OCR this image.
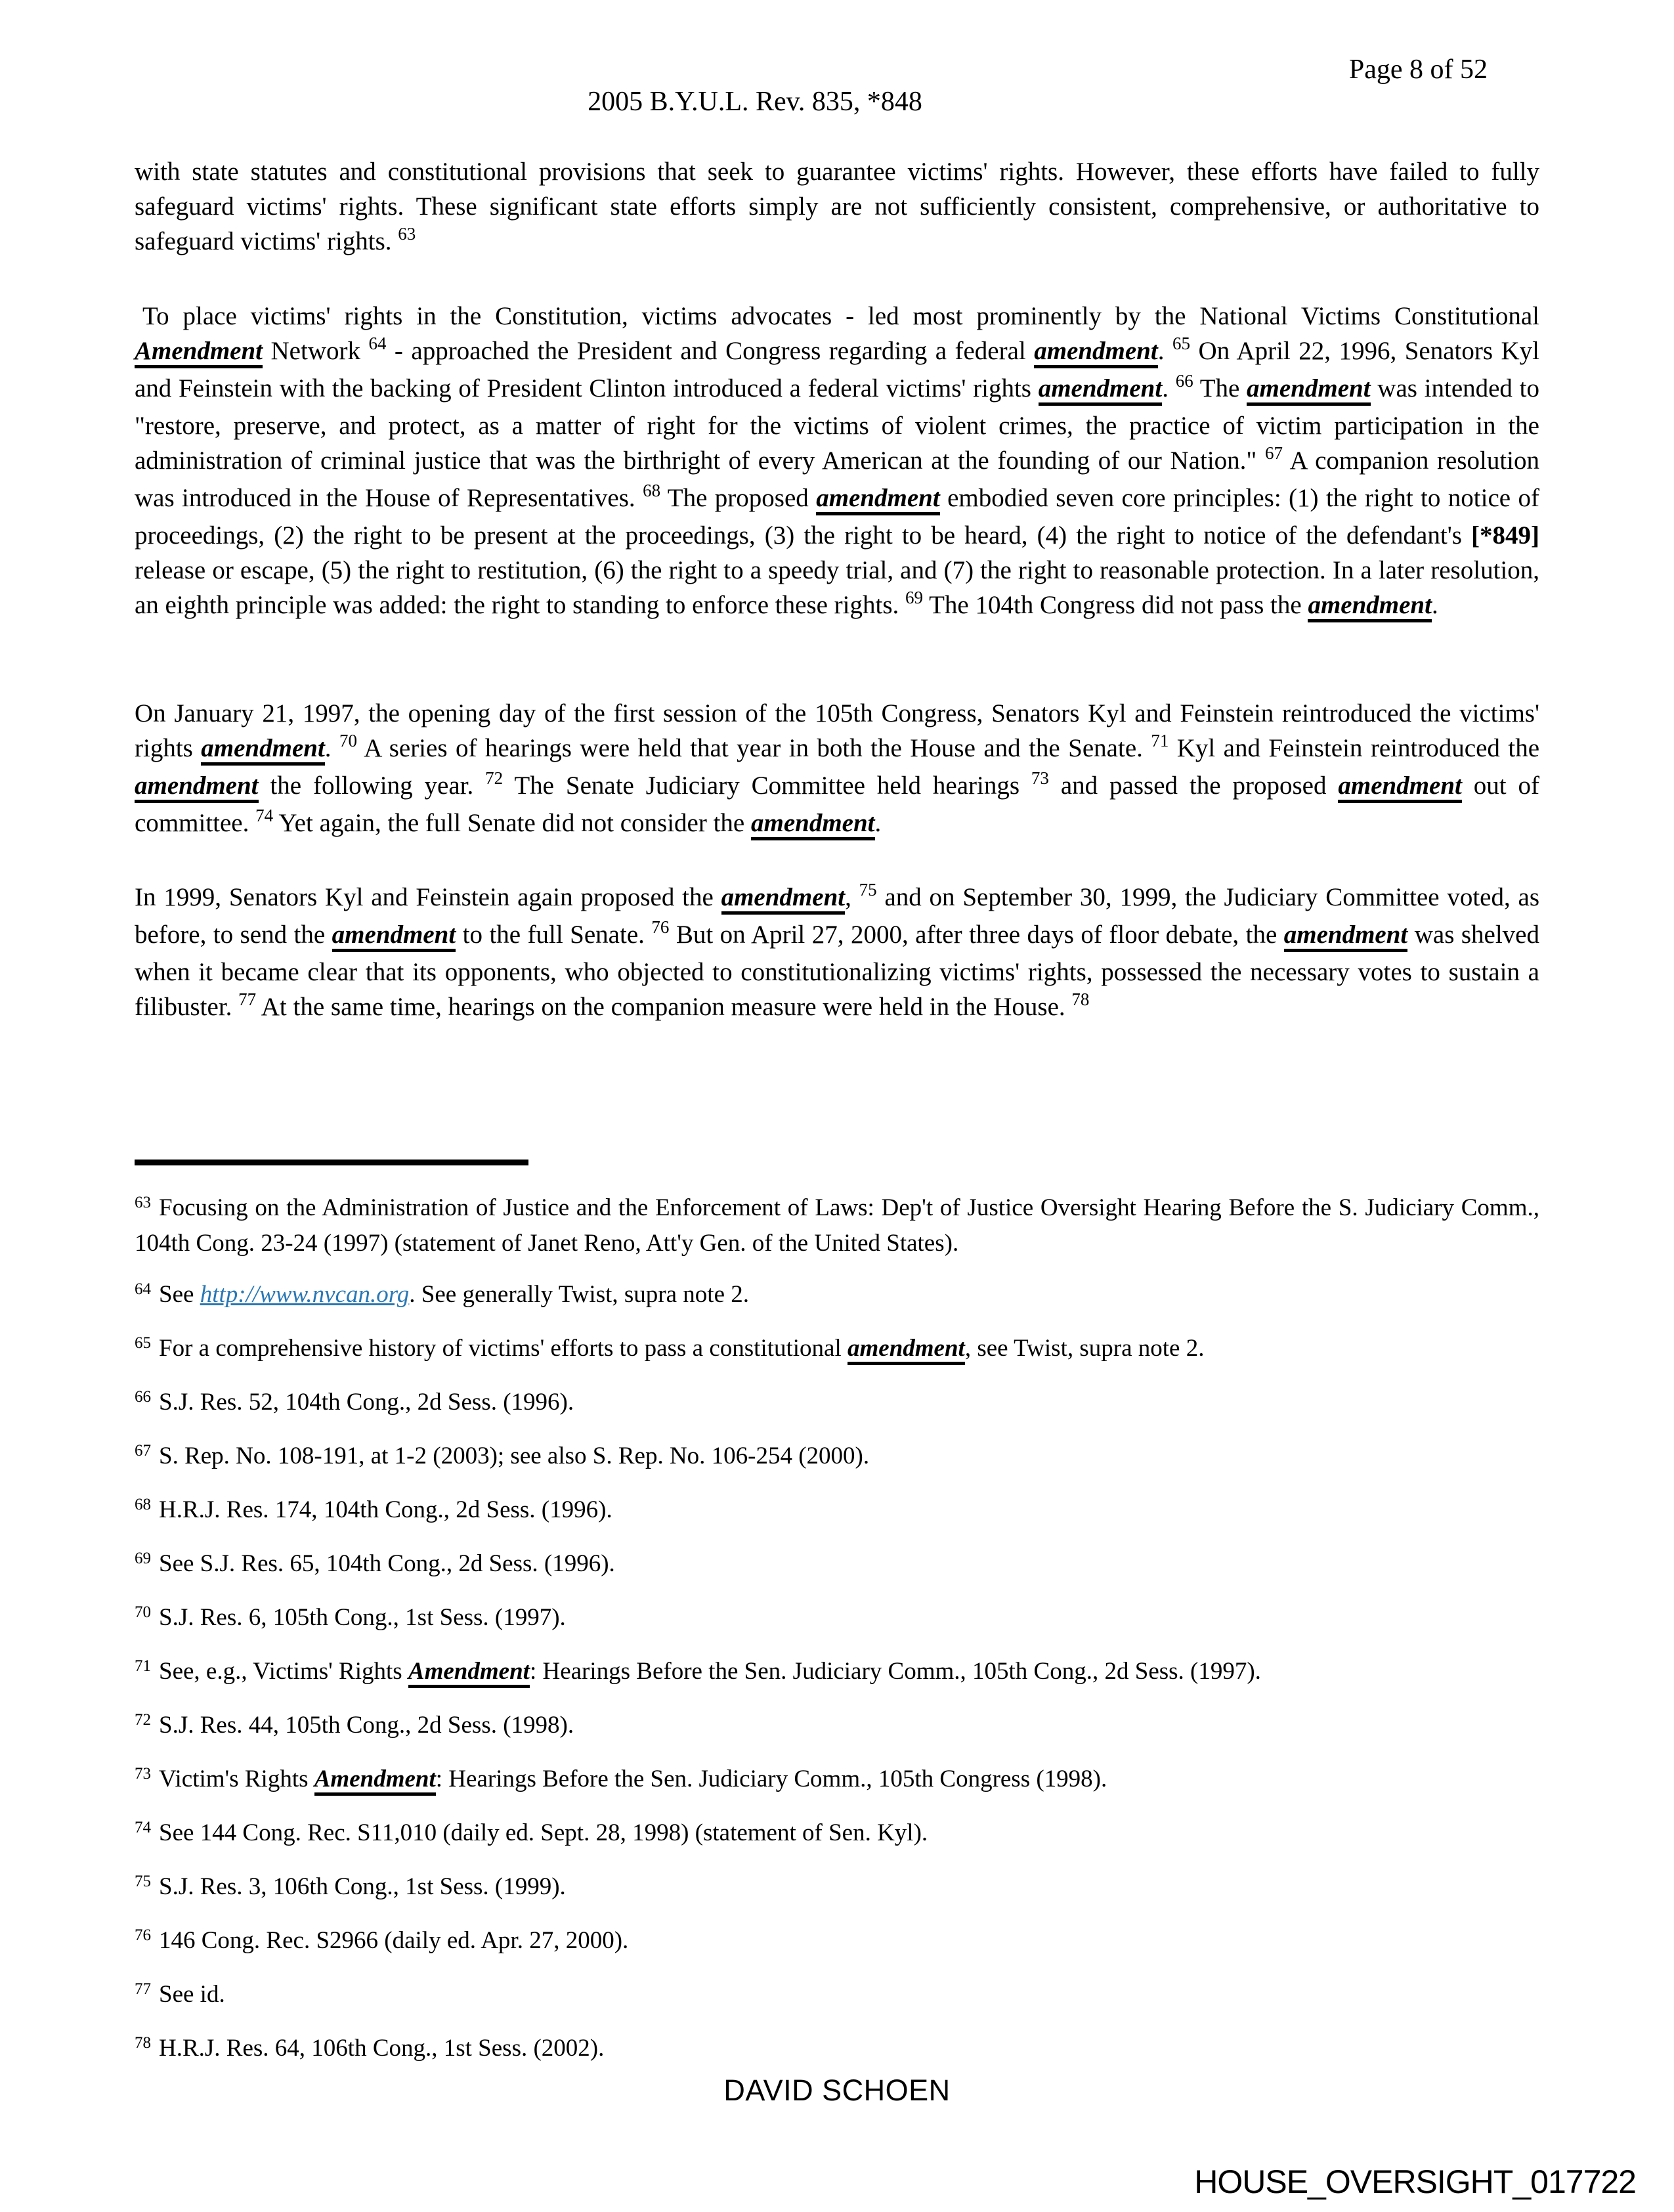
Page 8 of 52
2005 B.Y.U.L. Rev. 835, *848
with state statutes and constitutional provisions that seek to guarantee victims' rights. However, these efforts have failed to fully safeguard victims' rights. These significant state efforts simply are not sufficiently consistent, comprehensive, or authoritative to safeguard victims' rights. $^{63}$
To place victims' rights in the Constitution, victims advocates - led most prominently by the National Victims Constitutional Amendment Network $^{64}$ - approached the President and Congress regarding a federal amendment. $^{65}$ On April 22, 1996, Senators Kyl and Feinstein with the backing of President Clinton introduced a federal victims' rights amendment. $^{66}$ The amendment was intended to "restore, preserve, and protect, as a matter of right for the victims of violent crimes, the practice of victim participation in the administration of criminal justice that was the birthright of every American at the founding of our Nation." $^{67}$ A companion resolution was introduced in the House of Representatives. $^{68}$ The proposed amendment embodied seven core principles: (1) the right to notice of proceedings, (2) the right to be present at the proceedings, (3) the right to be heard, (4) the right to notice of the defendant's [*849] release or escape, (5) the right to restitution, (6) the right to a speedy trial, and (7) the right to reasonable protection. In a later resolution, an eighth principle was added: the right to standing to enforce these rights. $^{69}$ The 104th Congress did not pass the amendment.
On January 21, 1997, the opening day of the first session of the 105th Congress, Senators Kyl and Feinstein reintroduced the victims' rights amendment. $^{70}$ A series of hearings were held that year in both the House and the Senate. $^{71}$ Kyl and Feinstein reintroduced the amendment the following year. $^{72}$ The Senate Judiciary Committee held hearings $^{73}$ and passed the proposed amendment out of committee. $^{74}$ Yet again, the full Senate did not consider the amendment.
In 1999, Senators Kyl and Feinstein again proposed the amendment, $^{75}$ and on September 30, 1999, the Judiciary Committee voted, as before, to send the amendment to the full Senate. $^{76}$ But on April 27, 2000, after three days of floor debate, the amendment was shelved when it became clear that its opponents, who objected to constitutionalizing victims' rights, possessed the necessary votes to sustain a filibuster. $^{77}$ At the same time, hearings on the companion measure were held in the House. $^{78}$
$^{63}$ Focusing on the Administration of Justice and the Enforcement of Laws: Dep't of Justice Oversight Hearing Before the S. Judiciary Comm., 104th Cong. 23-24 (1997) (statement of Janet Reno, Att'y Gen. of the United States).
$^{64}$ See http://www.nvcan.org. See generally Twist, supra note 2.
$^{65}$ For a comprehensive history of victims' efforts to pass a constitutional amendment, see Twist, supra note 2.
$^{66}$ S.J. Res. 52, 104th Cong., 2d Sess. (1996).
$^{67}$ S. Rep. No. 108-191, at 1-2 (2003); see also S. Rep. No. 106-254 (2000).
$^{68}$ H.R.J. Res. 174, 104th Cong., 2d Sess. (1996).
$^{69}$ See S.J. Res. 65, 104th Cong., 2d Sess. (1996).
$^{70}$ S.J. Res. 6, 105th Cong., 1st Sess. (1997).
$^{71}$ See, e.g., Victims' Rights Amendment: Hearings Before the Sen. Judiciary Comm., 105th Cong., 2d Sess. (1997).
$^{72}$ S.J. Res. 44, 105th Cong., 2d Sess. (1998).
$^{73}$ Victim's Rights Amendment: Hearings Before the Sen. Judiciary Comm., 105th Congress (1998).
$^{74}$ See 144 Cong. Rec. S11,010 (daily ed. Sept. 28, 1998) (statement of Sen. Kyl).
$^{75}$ S.J. Res. 3, 106th Cong., 1st Sess. (1999).
$^{76}$ 146 Cong. Rec. S2966 (daily ed. Apr. 27, 2000).
$^{77}$ See id.
$^{78}$ H.R.J. Res. 64, 106th Cong., 1st Sess. (2002).
DAVID SCHOEN
HOUSE_OVERSIGHT_017722
